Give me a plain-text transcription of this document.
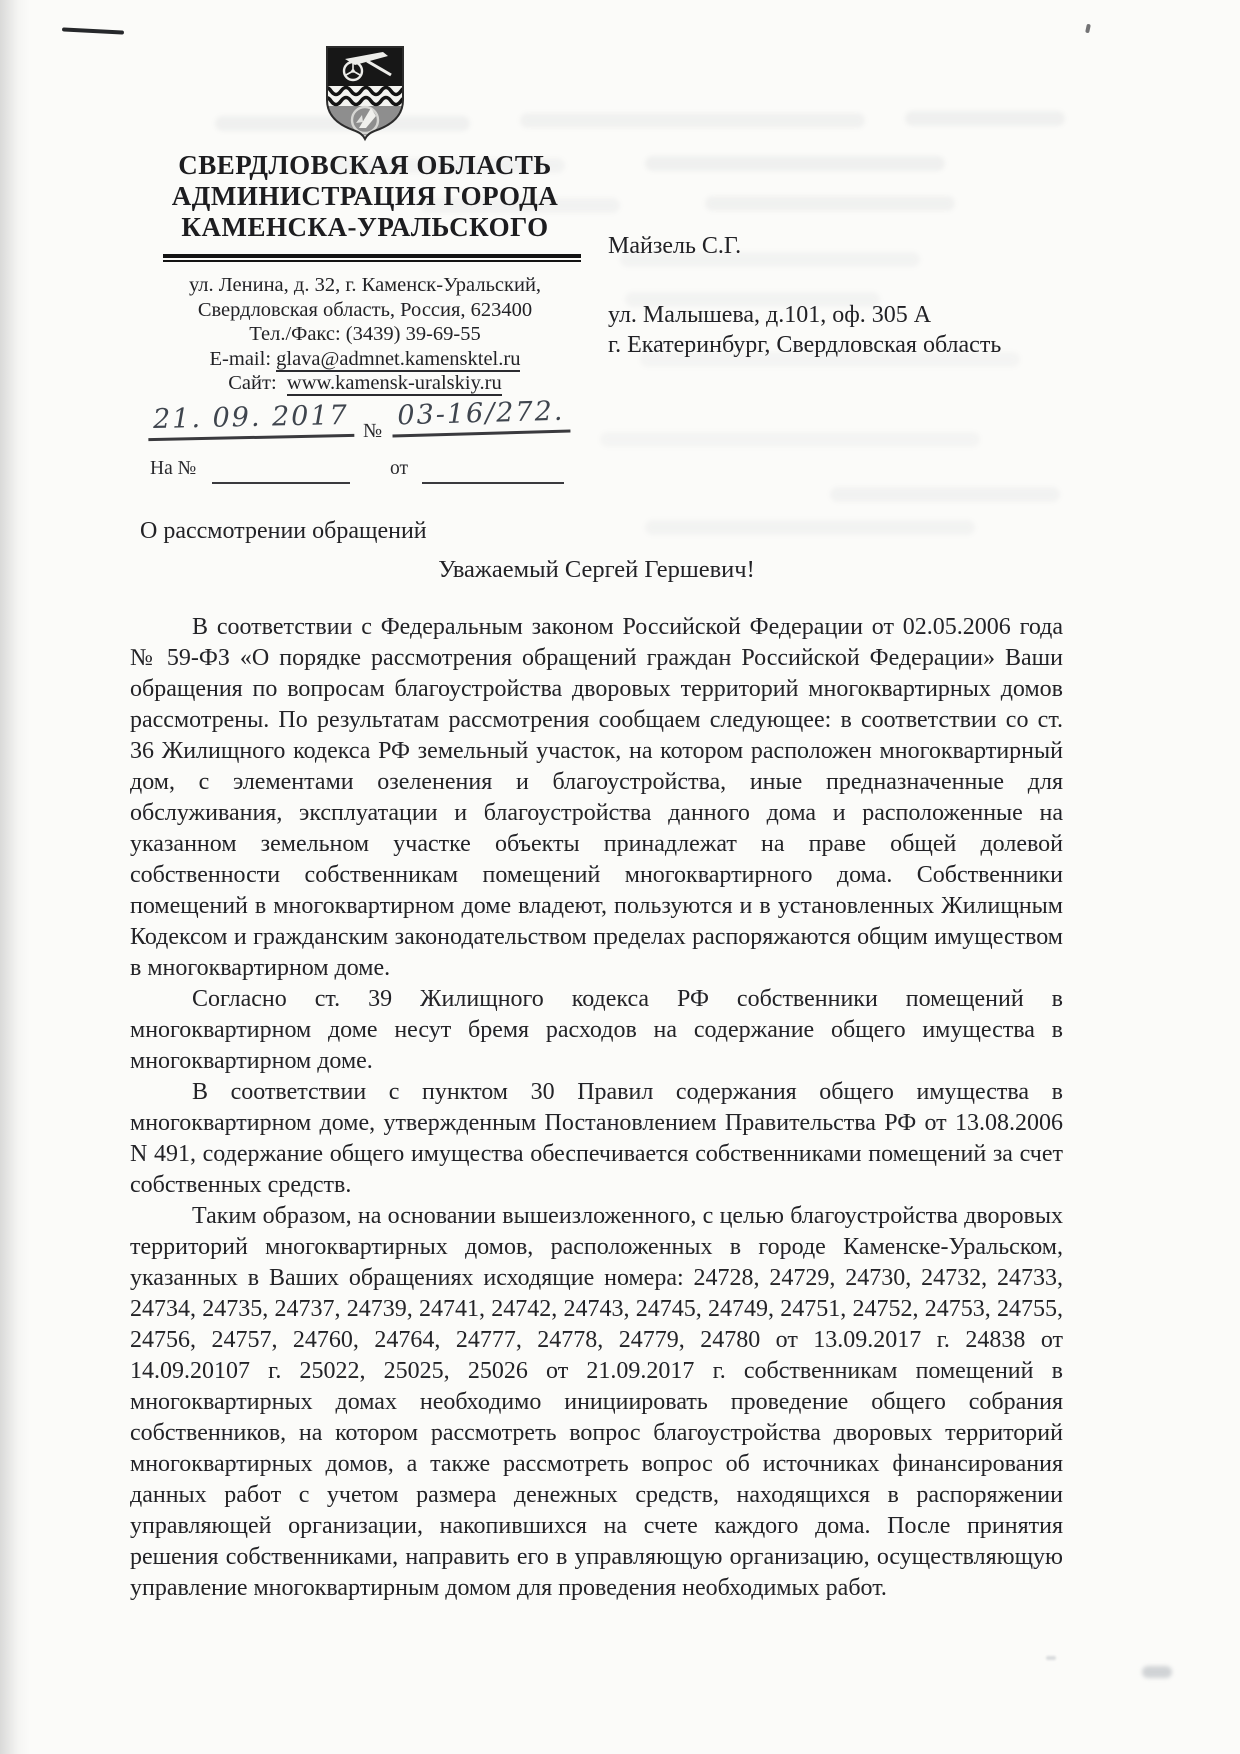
СВЕРДЛОВСКАЯ ОБЛАСТЬ
АДМИНИСТРАЦИЯ ГОРОДА
КАМЕНСКА-УРАЛЬСКОГО
ул. Ленина, д. 32, г. Каменск-Уральский,
Свердловская область, Россия, 623400
Тел./Факс: (3439) 39-69-55
E-mail: glava@admnet.kamensktel.ru
Сайт: www.kamensk-uralskiy.ru
21. 09. 2017 № 03-16/272.
На №	от
Майзель С.Г.
ул. Малышева, д.101, оф. 305 А
г. Екатеринбург, Свердловская область
О рассмотрении обращений
Уважаемый Сергей Гершевич!

В соответствии с Федеральным законом Российской Федерации от 02.05.2006 года № 59-ФЗ «О порядке рассмотрения обращений граждан Российской Федерации» Ваши обращения по вопросам благоустройства дворовых территорий многоквартирных домов рассмотрены. По результатам рассмотрения сообщаем следующее: в соответствии со ст. 36 Жилищного кодекса РФ земельный участок, на котором расположен многоквартирный дом, с элементами озеленения и благоустройства, иные предназначенные для обслуживания, эксплуатации и благоустройства данного дома и расположенные на указанном земельном участке объекты принадлежат на праве общей долевой собственности собственникам помещений многоквартирного дома. Собственники помещений в многоквартирном доме владеют, пользуются и в установленных Жилищным Кодексом и гражданским законодательством пределах распоряжаются общим имуществом в многоквартирном доме.

Согласно ст. 39 Жилищного кодекса РФ собственники помещений в многоквартирном доме несут бремя расходов на содержание общего имущества в многоквартирном доме.

В соответствии с пунктом 30 Правил содержания общего имущества в многоквартирном доме, утвержденным Постановлением Правительства РФ от 13.08.2006 N 491, содержание общего имущества обеспечивается собственниками помещений за счет собственных средств.

Таким образом, на основании вышеизложенного, с целью благоустройства дворовых территорий многоквартирных домов, расположенных в городе Каменске-Уральском, указанных в Ваших обращениях исходящие номера: 24728, 24729, 24730, 24732, 24733, 24734, 24735, 24737, 24739, 24741, 24742, 24743, 24745, 24749, 24751, 24752, 24753, 24755, 24756, 24757, 24760, 24764, 24777, 24778, 24779, 24780 от 13.09.2017 г. 24838 от 14.09.20107 г. 25022, 25025, 25026 от 21.09.2017 г. собственникам помещений в многоквартирных домах необходимо инициировать проведение общего собрания собственников, на котором рассмотреть вопрос благоустройства дворовых территорий многоквартирных домов, а также рассмотреть вопрос об источниках финансирования данных работ с учетом размера денежных средств, находящихся в распоряжении управляющей организации, накопившихся на счете каждого дома. После принятия решения собственниками, направить его в управляющую организацию, осуществляющую управление многоквартирным домом для проведения необходимых работ.
